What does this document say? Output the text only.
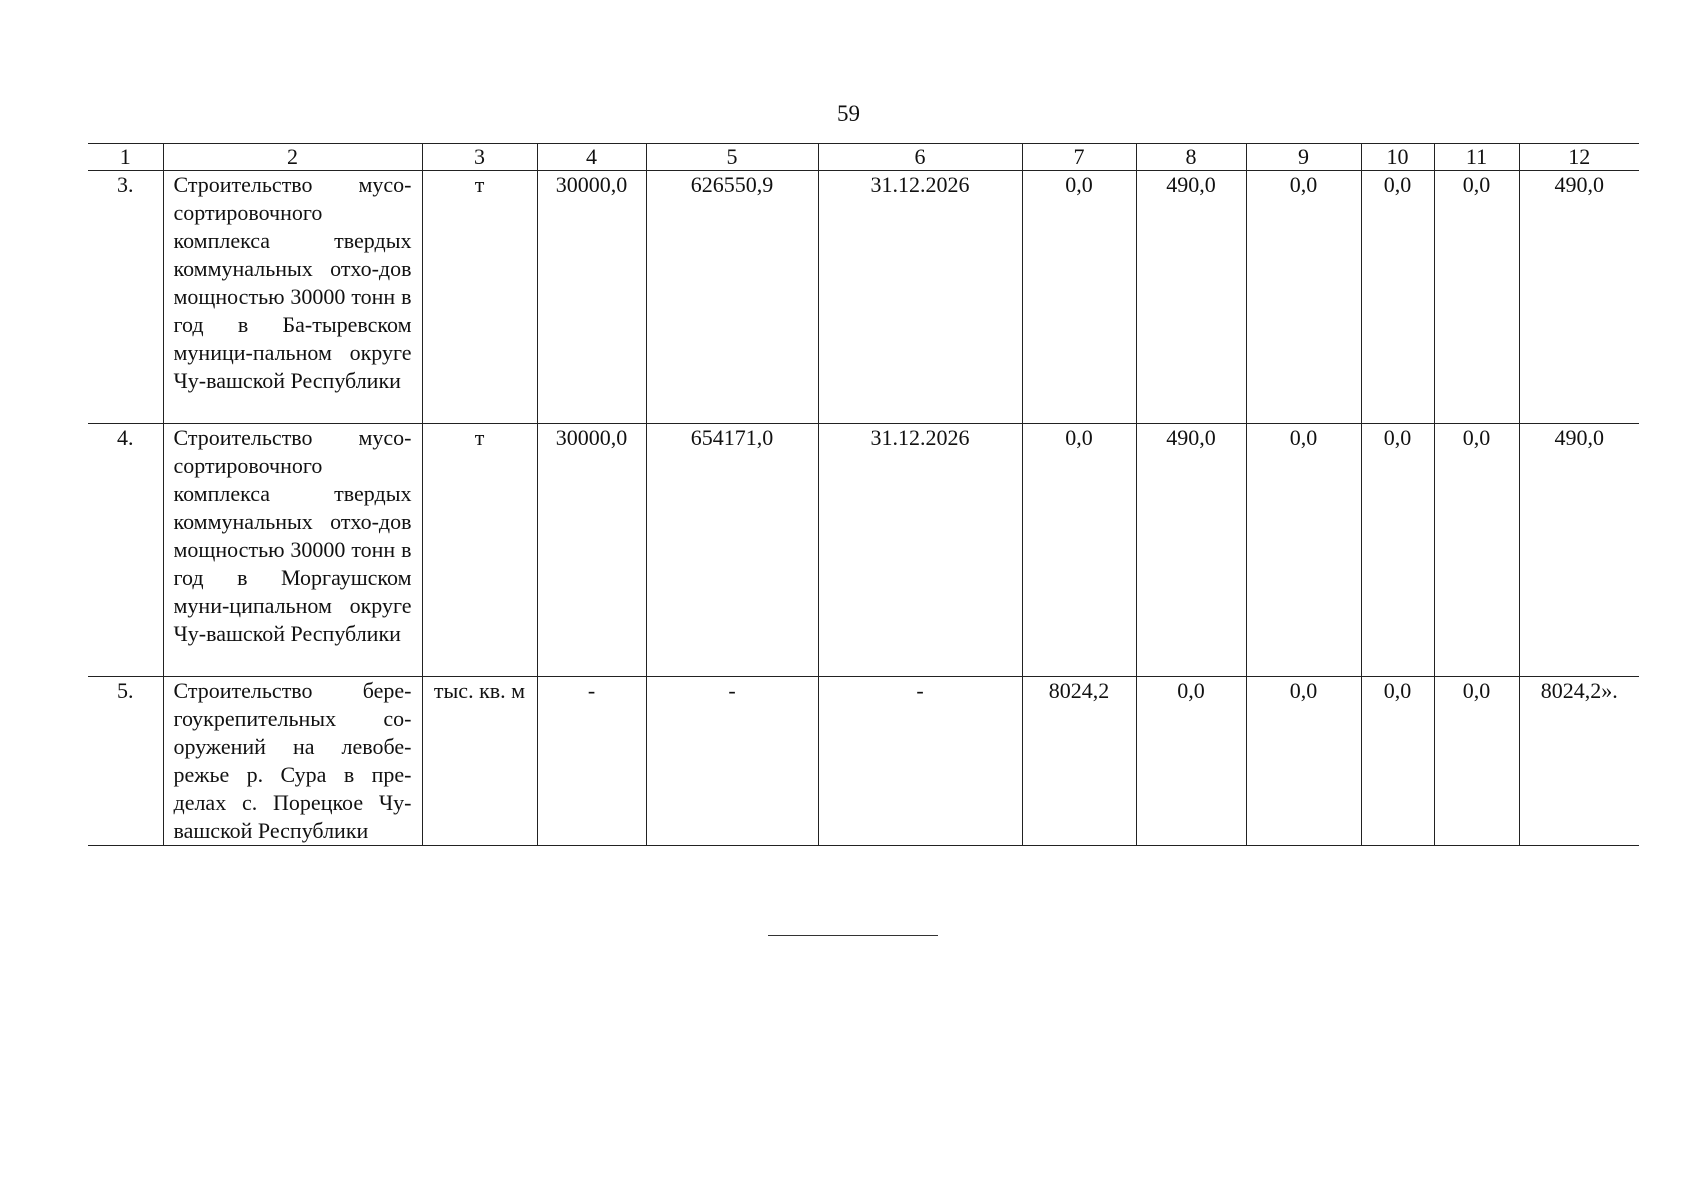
59
1	2	3	4	5	6	7	8	9	10	11	12
3.	Строительство мусо-сортировочного комплекса твердых коммунальных отхо-дов мощностью 30000 тонн в год в Ба-тыревском муници-пальном округе Чу-вашской Республики	т	30000,0	626550,9	31.12.2026	0,0	490,0	0,0	0,0	0,0	490,0
4.	Строительство мусо-сортировочного комплекса твердых коммунальных отхо-дов мощностью 30000 тонн в год в Моргаушском муни-ципальном округе Чу-вашской Республики	т	30000,0	654171,0	31.12.2026	0,0	490,0	0,0	0,0	0,0	490,0
5.	Строительство бере-гоукрепительных со-оружений на левобе-режье р. Сура в пре-делах с. Порецкое Чу-вашской Республики	тыс. кв. м	-	-	-	8024,2	0,0	0,0	0,0	0,0	8024,2».
